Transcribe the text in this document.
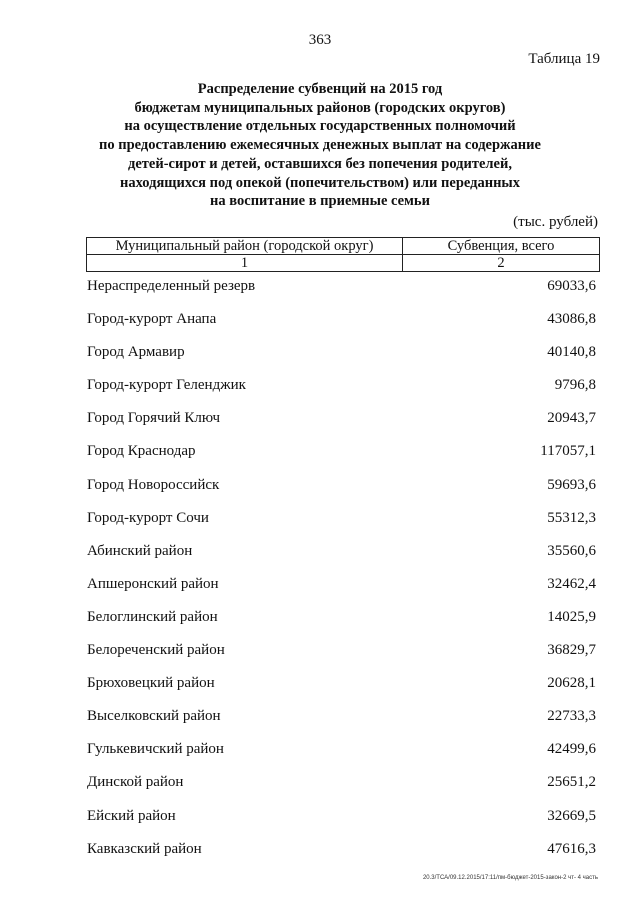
363
Таблица 19
Распределение субвенций на 2015 год
бюджетам муниципальных районов (городских округов)
на осуществление отдельных государственных полномочий
по предоставлению ежемесячных денежных выплат на содержание
детей-сирот и детей, оставшихся без попечения родителей,
находящихся под опекой (попечительством) или переданных
на воспитание в приемные семьи
(тыс. рублей)
Муниципальный район (городской округ)	Субвенция, всего
1	2
Нераспределенный резерв	69033,6
Город-курорт Анапа	43086,8
Город Армавир	40140,8
Город-курорт Геленджик	9796,8
Город Горячий Ключ	20943,7
Город Краснодар	117057,1
Город Новороссийск	59693,6
Город-курорт Сочи	55312,3
Абинский район	35560,6
Апшеронский район	32462,4
Белоглинский район	14025,9
Белореченский район	36829,7
Брюховецкий район	20628,1
Выселковский район	22733,3
Гулькевичский район	42499,6
Динской район	25651,2
Ейский район	32669,5
Кавказский район	47616,3
20.3/ТСА/09.12.2015/17:11/пм-бюджет-2015-закон-2 чт- 4 часть
